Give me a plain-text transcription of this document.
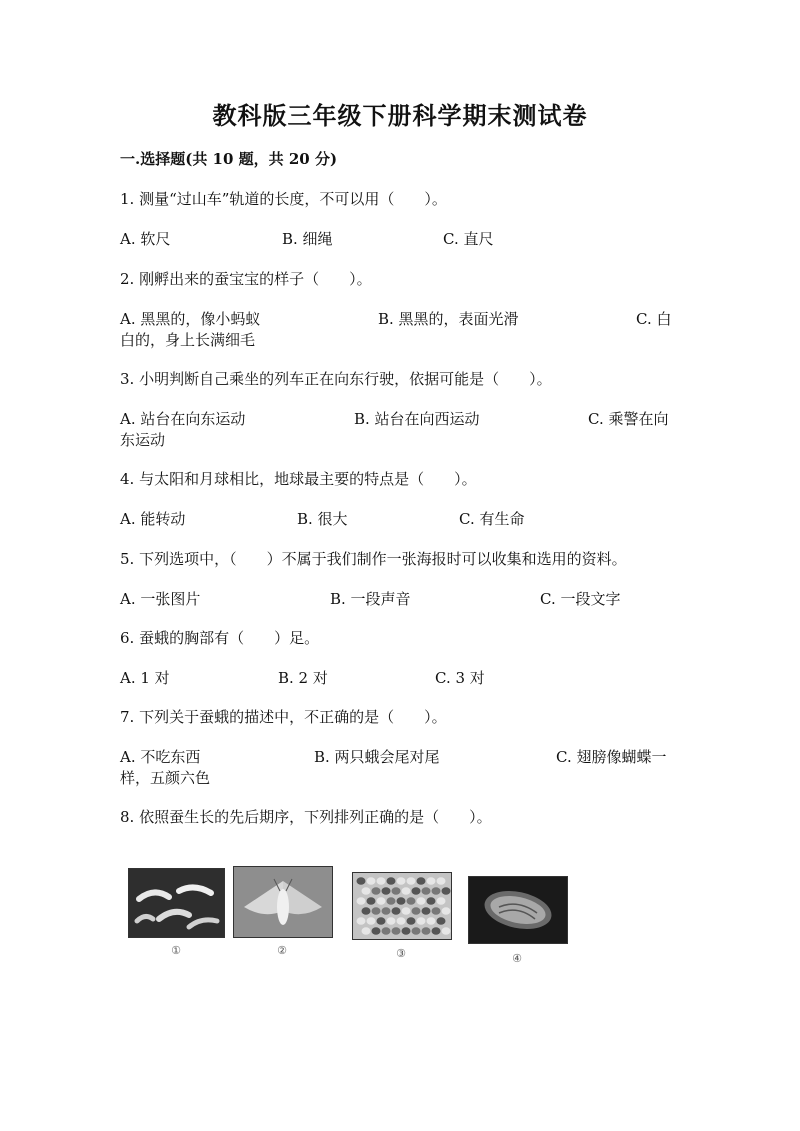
教科版三年级下册科学期末测试卷
一.选择题(共 10 题，共 20 分)
1. 测量“过山车”轨道的长度，不可以用（　　）。
A. 软尺	B. 细绳	C. 直尺
2. 刚孵出来的蚕宝宝的样子（　　）。
A. 黑黑的，像小蚂蚁	B. 黑黑的，表面光滑	C. 白
白的，身上长满细毛
3. 小明判断自己乘坐的列车正在向东行驶，依据可能是（　　）。
A. 站台在向东运动	B. 站台在向西运动	C. 乘警在向
东运动
4. 与太阳和月球相比，地球最主要的特点是（　　）。
A. 能转动	B. 很大	C. 有生命
5. 下列选项中，（　　）不属于我们制作一张海报时可以收集和选用的资料。
A. 一张图片	B. 一段声音	C. 一段文字
6. 蚕蛾的胸部有（　　）足。
A. 1 对	B. 2 对	C. 3 对
7. 下列关于蚕蛾的描述中，不正确的是（　　）。
A. 不吃东西	B. 两只蛾会尾对尾	C. 翅膀像蝴蝶一
样，五颜六色
8. 依照蚕生长的先后期序，下列排列正确的是（　　）。
①	②	③	④
